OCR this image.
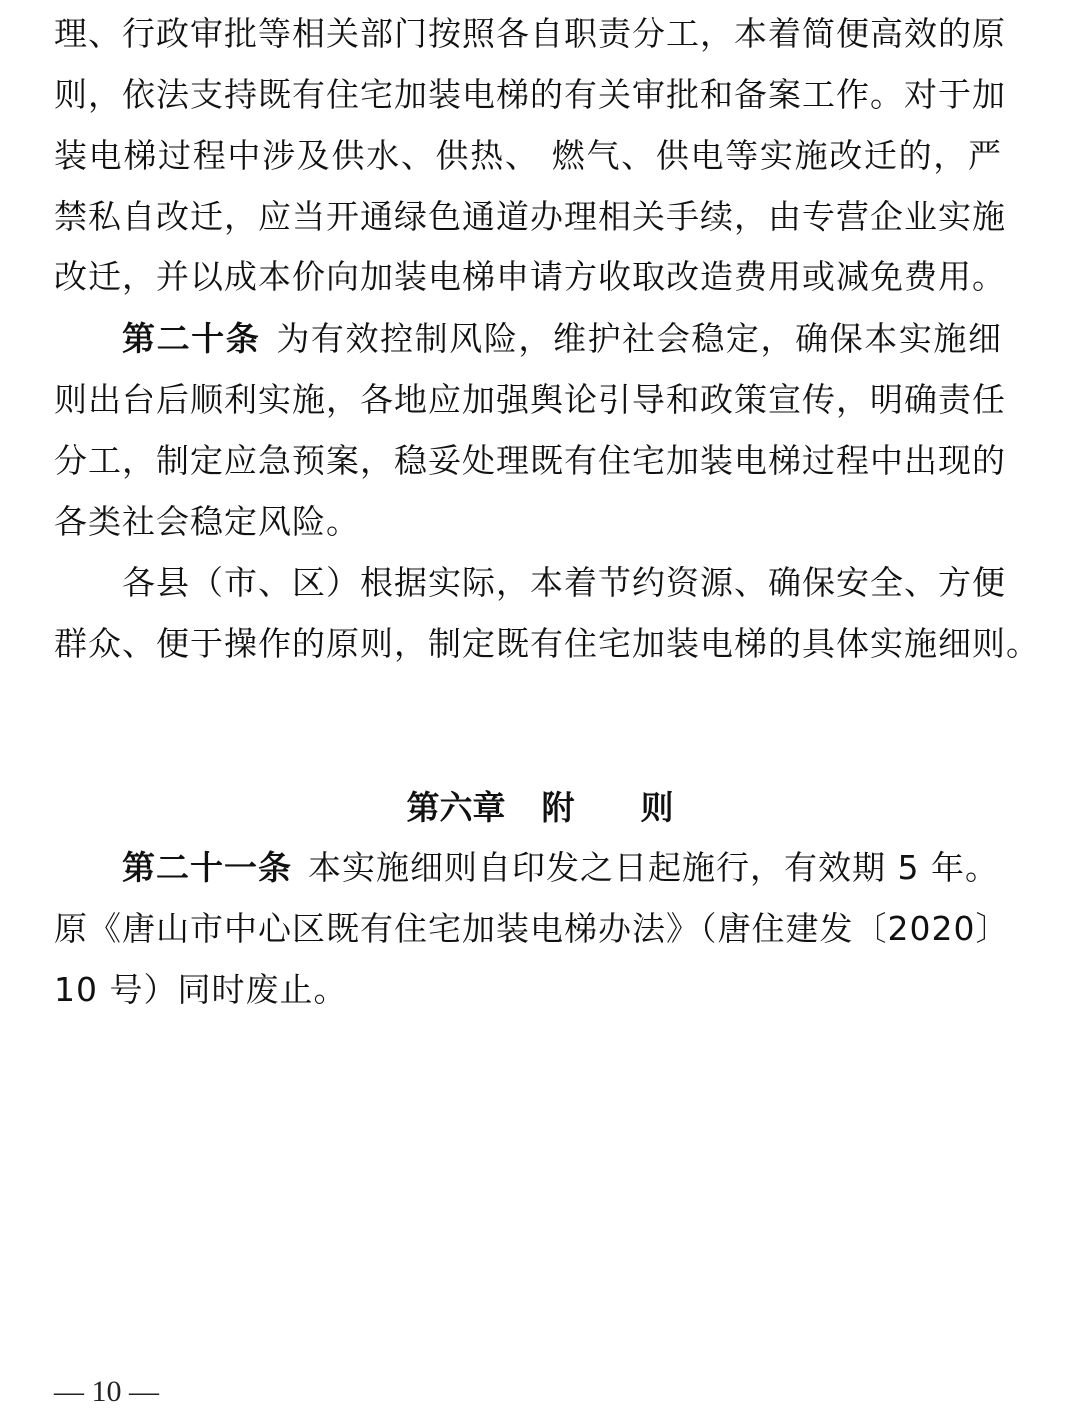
理、行政审批等相关部门按照各自职责分工，本着简便高效的原
则，依法支持既有住宅加装电梯的有关审批和备案工作。对于加
装电梯过程中涉及供水、供热、 燃气、供电等实施改迁的，严
禁私自改迁，应当开通绿色通道办理相关手续，由专营企业实施
改迁，并以成本价向加装电梯申请方收取改造费用或减免费用。
第二十条 为有效控制风险，维护社会稳定，确保本实施细
则出台后顺利实施，各地应加强舆论引导和政策宣传，明确责任
分工，制定应急预案，稳妥处理既有住宅加装电梯过程中出现的
各类社会稳定风险。
各县（市、区）根据实际，本着节约资源、确保安全、方便
群众、便于操作的原则，制定既有住宅加装电梯的具体实施细则。
第六章 附 则
第二十一条 本实施细则自印发之日起施行，有效期 5 年。
原《唐山市中心区既有住宅加装电梯办法》（唐住建发〔2020〕
10 号）同时废止。
— 10 —
